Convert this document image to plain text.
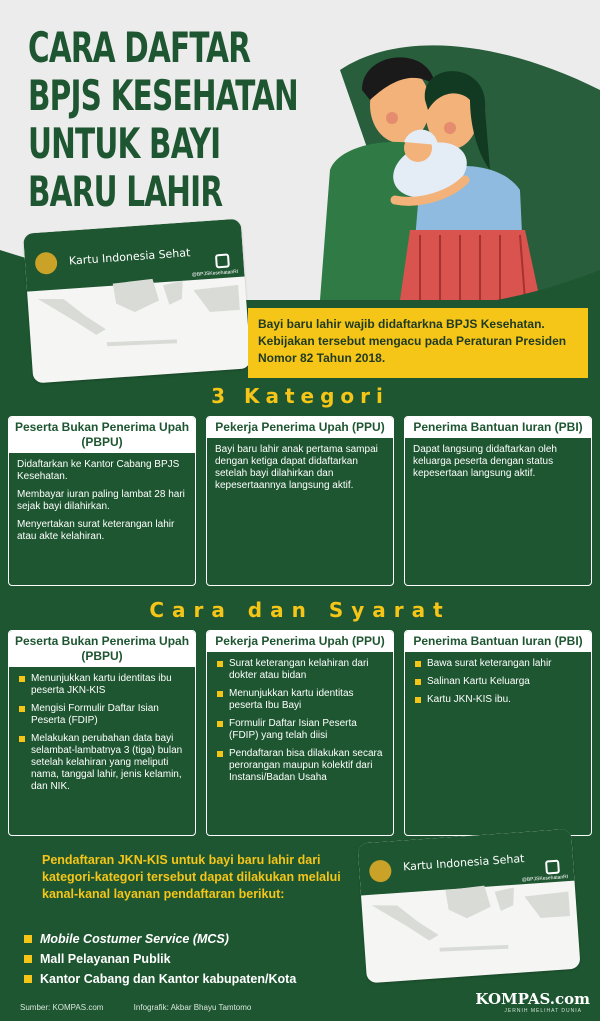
CARA DAFTAR
BPJS KESEHATAN
UNTUK BAYI
BARU LAHIR
Kartu Indonesia Sehat
@BPJSKesehatanRI
Bayi baru lahir wajib didaftarkna BPJS Kesehatan. Kebijakan tersebut mengacu pada Peraturan Presiden Nomor 82 Tahun 2018.
3 Kategori
Peserta Bukan Penerima Upah (PBPU)

Didaftarkan ke Kantor Cabang BPJS Kesehatan.

Membayar iuran paling lambat 28 hari sejak bayi dilahirkan.

Menyertakan surat keterangan lahir atau akte kelahiran.

Pekerja Penerima Upah (PPU)

Bayi baru lahir anak pertama sampai dengan ketiga dapat didaftarkan setelah bayi dilahirkan dan kepesertaannya langsung aktif.

Penerima Bantuan Iuran (PBI)

Dapat langsung didaftarkan oleh keluarga peserta dengan status kepesertaan langsung aktif.

Cara dan Syarat
Peserta Bukan Penerima Upah (PBPU)
Menunjukkan kartu identitas ibu peserta JKN-KIS
Mengisi Formulir Daftar Isian Peserta (FDIP)
Melakukan perubahan data bayi selambat-lambatnya 3 (tiga) bulan setelah kelahiran yang meliputi nama, tanggal lahir, jenis kelamin, dan NIK.
Pekerja Penerima Upah (PPU)
Surat keterangan kelahiran dari dokter atau bidan
Menunjukkan kartu identitas peserta Ibu Bayi
Formulir Daftar Isian Peserta (FDIP) yang telah diisi
Pendaftaran bisa dilakukan secara perorangan maupun kolektif dari Instansi/Badan Usaha
Penerima Bantuan Iuran (PBI)
Bawa surat keterangan lahir
Salinan Kartu Keluarga
Kartu JKN-KIS ibu.
Pendaftaran JKN-KIS untuk bayi baru lahir dari kategori-kategori tersebut dapat dilakukan melalui kanal-kanal layanan pendaftaran berikut:
Mobile Costumer Service (MCS)
Mall Pelayanan Publik
Kantor Cabang dan Kantor kabupaten/Kota
Kartu Indonesia Sehat
@BPJSKesehatanRI
Sumber: KOMPAS.com	Infografik: Akbar Bhayu Tamtomo	KOMPAS.com
JERNIH MELIHAT DUNIA
